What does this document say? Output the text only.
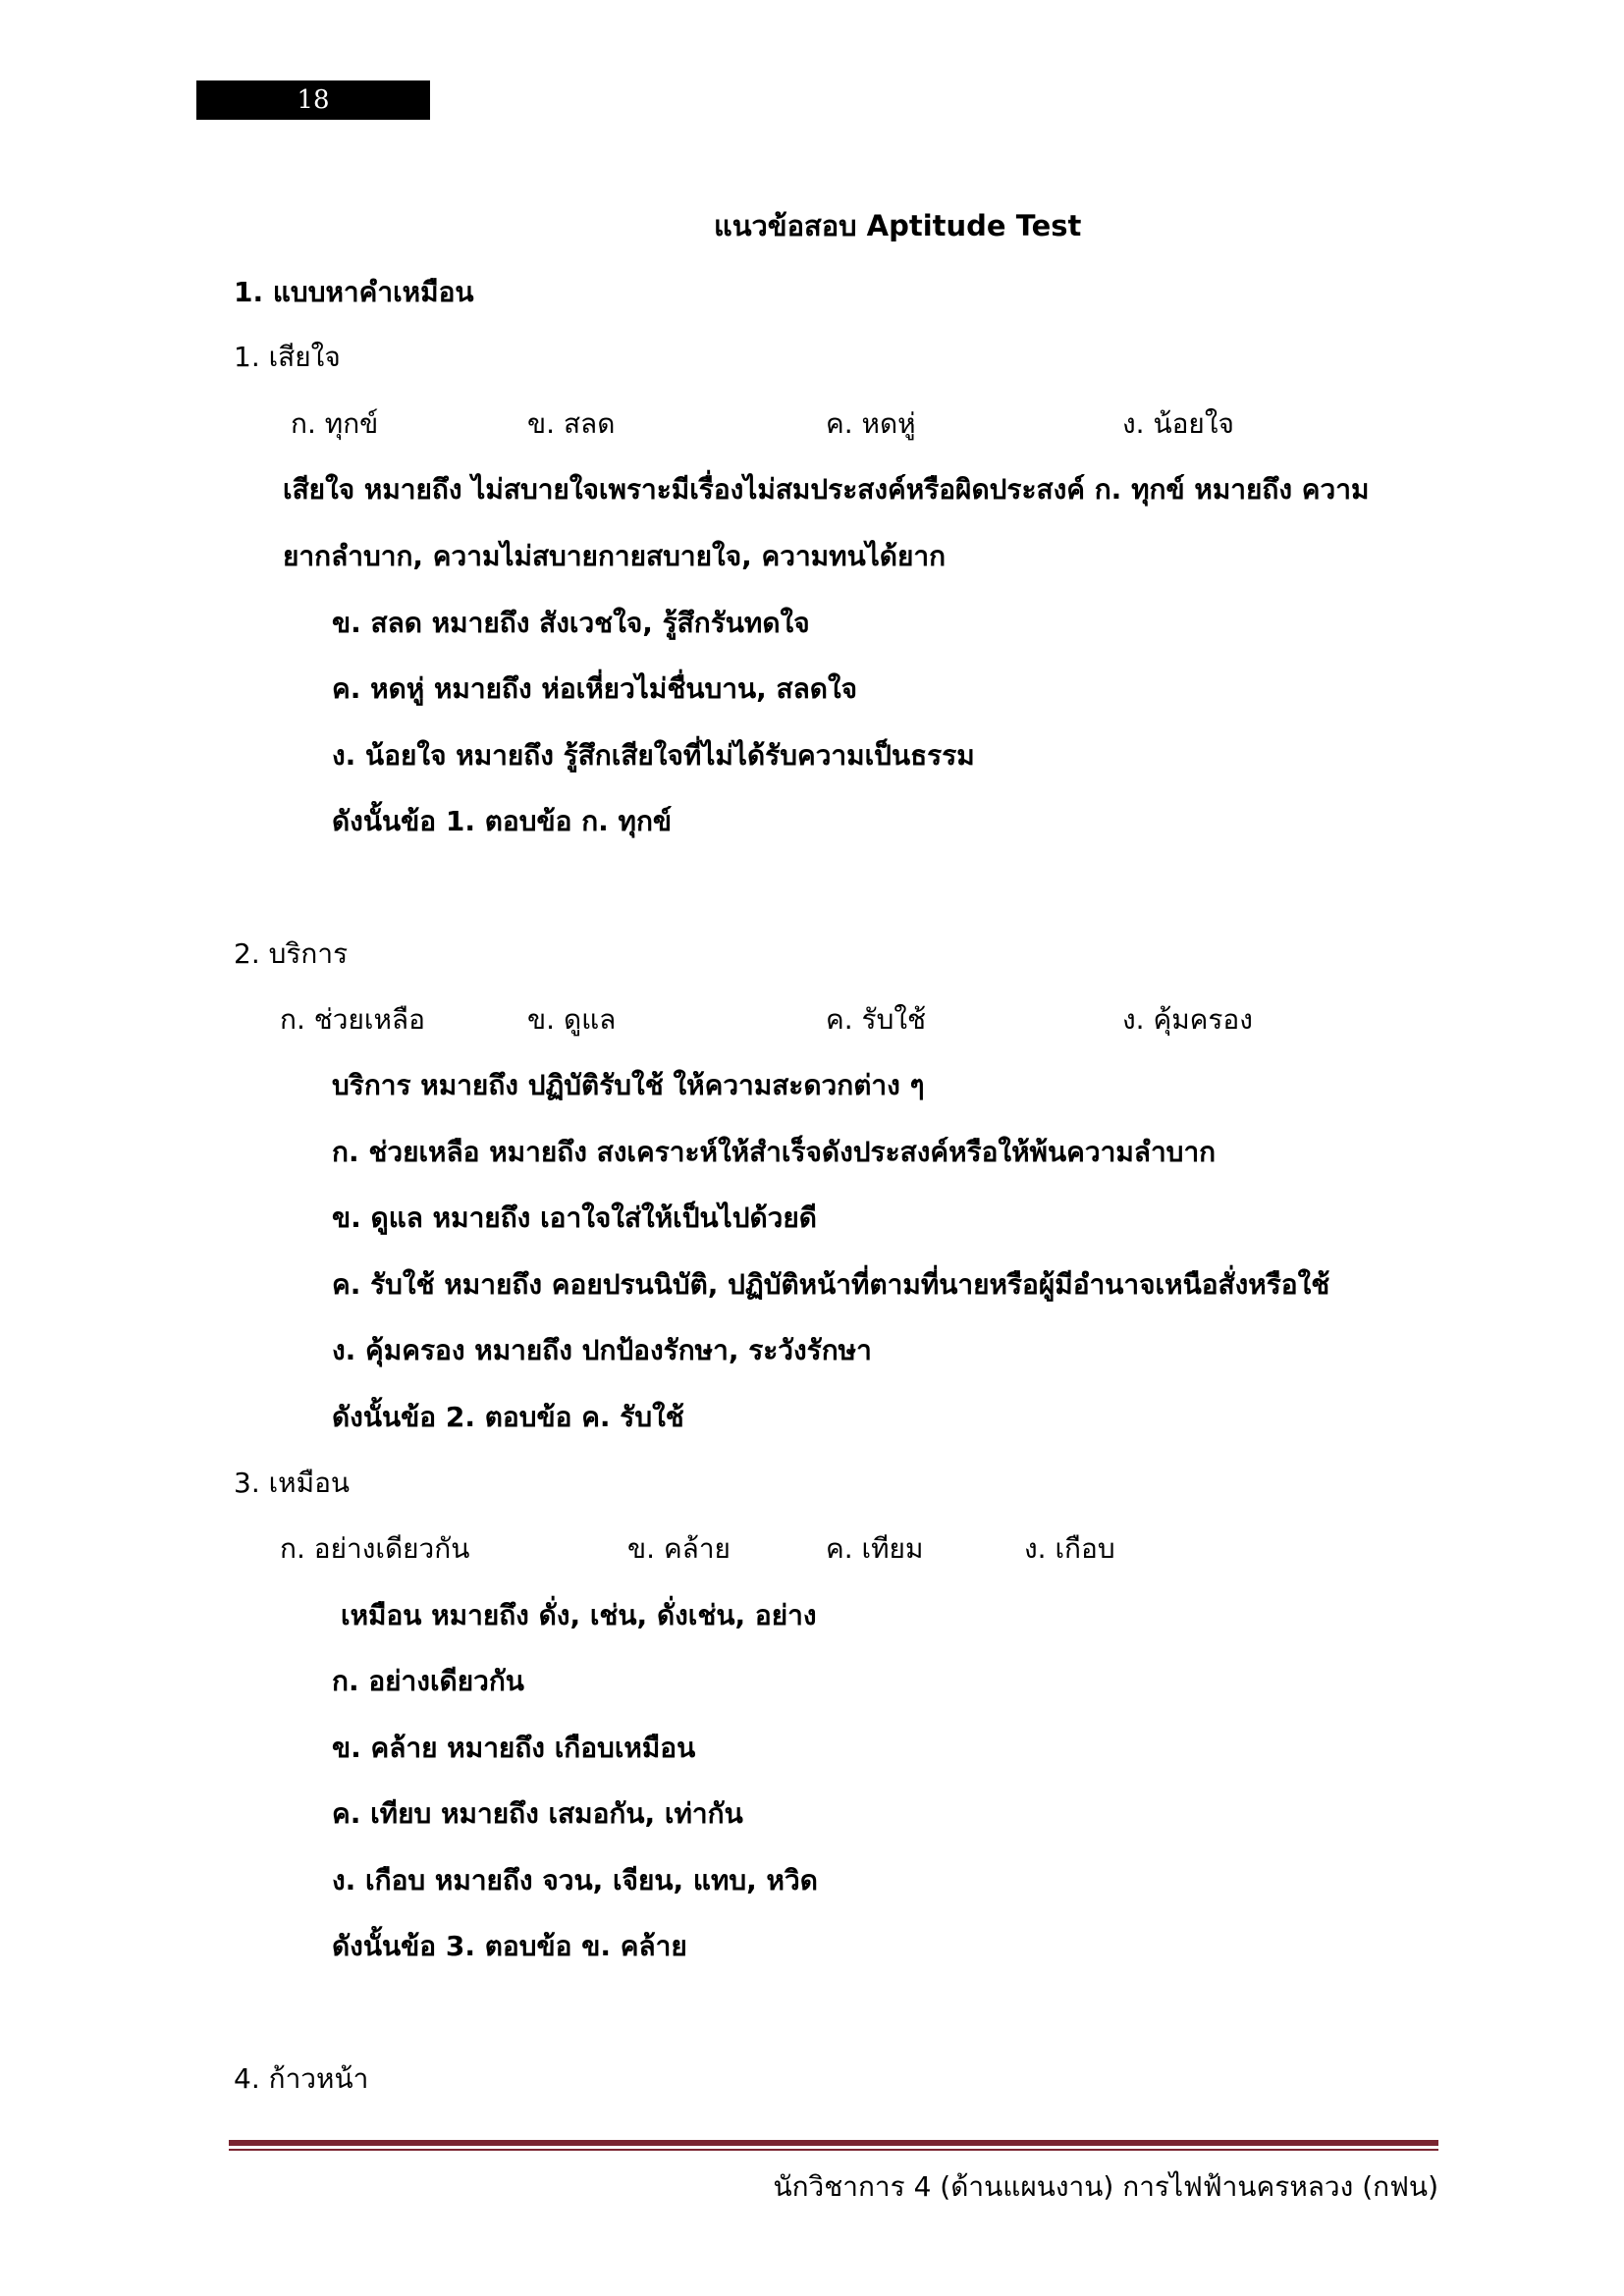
18
แนวข้อสอบ Aptitude Test
1. แบบหาคำเหมือน
1. เสียใจ
ก. ทุกข์	ข. สลด	ค. หดหู่	ง. น้อยใจ
เสียใจ หมายถึง ไม่สบายใจเพราะมีเรื่องไม่สมประสงค์หรือผิดประสงค์ ก. ทุกข์ หมายถึง ความ
ยากลำบาก, ความไม่สบายกายสบายใจ, ความทนได้ยาก
ข. สลด หมายถึง สังเวชใจ, รู้สึกรันทดใจ
ค. หดหู่ หมายถึง ห่อเหี่ยวไม่ชื่นบาน, สลดใจ
ง. น้อยใจ หมายถึง รู้สึกเสียใจที่ไม่ได้รับความเป็นธรรม
ดังนั้นข้อ 1. ตอบข้อ ก. ทุกข์
2. บริการ
ก. ช่วยเหลือ	ข. ดูแล	ค. รับใช้	ง. คุ้มครอง
บริการ หมายถึง ปฏิบัติรับใช้ ให้ความสะดวกต่าง ๆ
ก. ช่วยเหลือ หมายถึง สงเคราะห์ให้สำเร็จดังประสงค์หรือให้พ้นความลำบาก
ข. ดูแล หมายถึง เอาใจใส่ให้เป็นไปด้วยดี
ค. รับใช้ หมายถึง คอยปรนนิบัติ, ปฏิบัติหน้าที่ตามที่นายหรือผู้มีอำนาจเหนือสั่งหรือใช้
ง. คุ้มครอง หมายถึง ปกป้องรักษา, ระวังรักษา
ดังนั้นข้อ 2. ตอบข้อ ค. รับใช้
3. เหมือน
ก. อย่างเดียวกัน	ข. คล้าย	ค. เทียม	ง. เกือบ
เหมือน หมายถึง ดั่ง, เช่น, ดั่งเช่น, อย่าง
ก. อย่างเดียวกัน
ข. คล้าย หมายถึง เกือบเหมือน
ค. เทียบ หมายถึง เสมอกัน, เท่ากัน
ง. เกือบ หมายถึง จวน, เจียน, แทบ, หวิด
ดังนั้นข้อ 3. ตอบข้อ ข. คล้าย
4. ก้าวหน้า
นักวิชาการ 4 (ด้านแผนงาน) การไฟฟ้านครหลวง (กฟน)
